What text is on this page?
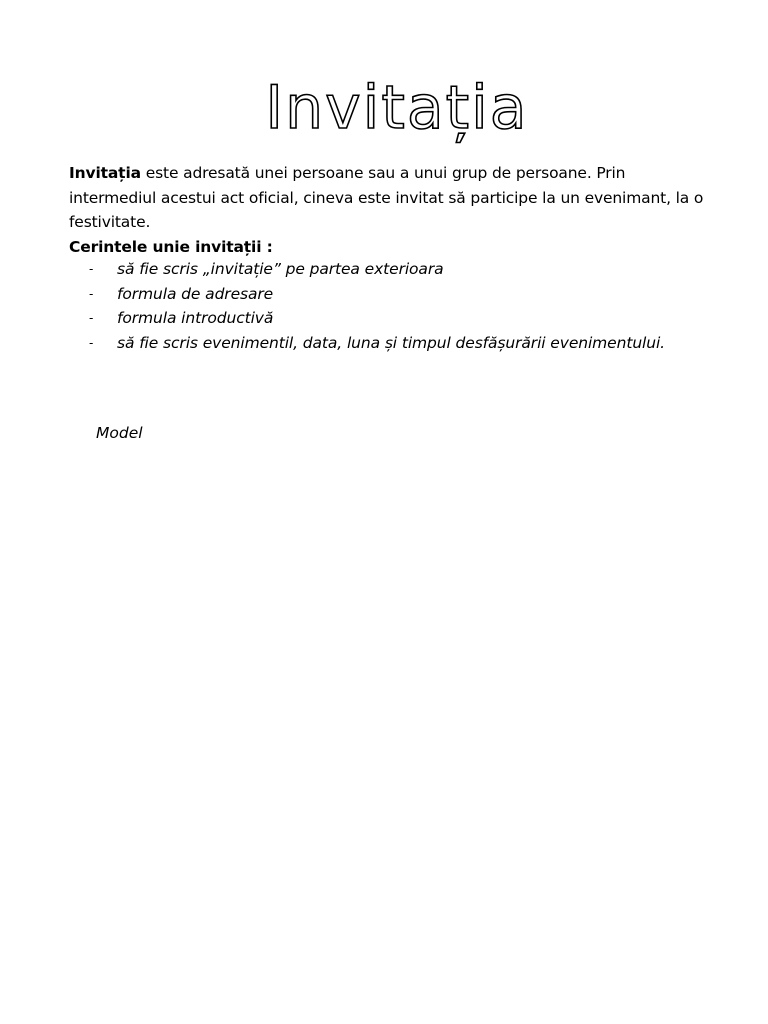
Invitația

Invitația este adresată unei persoane sau a unui grup de persoane. Prin intermediul acestui act oficial, cineva este invitat să participe la un evenimant, la o festivitate.

Cerintele unie invitații :

- să fie scris „invitație” pe partea exterioara
- formula de adresare
- formula introductivă
- să fie scris evenimentil, data, luna și timpul desfășurării evenimentului.
Model
